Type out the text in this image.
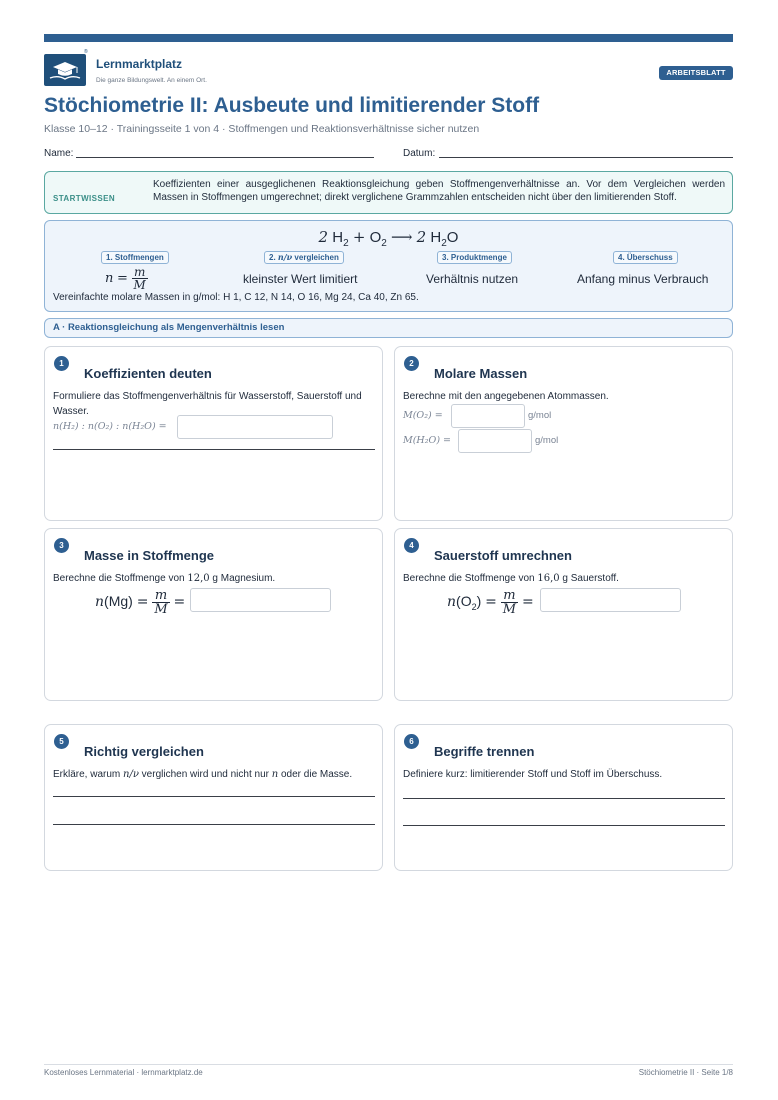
®
Lernmarktplatz
Die ganze Bildungswelt. An einem Ort.
ARBEITSBLATT
Stöchiometrie II: Ausbeute und limitierender Stoff
Klasse 10–12 · Trainingsseite 1 von 4 · Stoffmengen und Reaktionsverhältnisse sicher nutzen
Name:	Datum:
STARTWISSEN
Koeffizienten einer ausgeglichenen Reaktionsgleichung geben Stoffmengenverhältnisse an. Vor dem Vergleichen werden Massen in Stoffmengen umgerechnet; direkt verglichene Grammzahlen entscheiden nicht über den limitierenden Stoff.
2 $H_2 + O_2$ ⟶ 2 $H_2O$
1. Stoffmengen	2. n/ν vergleichen	3. Produktmenge	4. Überschuss
$n = \frac{m}{M}$	kleinster Wert limitiert	Verhältnis nutzen	Anfang minus Verbrauch
Vereinfachte molare Massen in g/mol: H 1, C 12, N 14, O 16, Mg 24, Ca 40, Zn 65.
A · Reaktionsgleichung als Mengenverhältnis lesen
1
Koeffizienten deuten
Formuliere das Stoffmengenverhältnis für Wasserstoff, Sauerstoff und Wasser.
n(H₂) : n(O₂) : n(H₂O) =
2
Molare Massen
Berechne mit den angegebenen Atommassen.
M(O₂) =	g/mol
M(H₂O) =	g/mol
3
Masse in Stoffmenge
Berechne die Stoffmenge von 12,0 g Magnesium.
$n(Mg) = \frac{m}{M}$ =
4
Sauerstoff umrechnen
Berechne die Stoffmenge von 16,0 g Sauerstoff.
$n(O_2) = \frac{m}{M}$ =
5
Richtig vergleichen
Erkläre, warum n/ν verglichen wird und nicht nur n oder die Masse.
6
Begriffe trennen
Definiere kurz: limitierender Stoff und Stoff im Überschuss.
Kostenloses Lernmaterial · lernmarktplatz.de	Stöchiometrie II · Seite 1/8
